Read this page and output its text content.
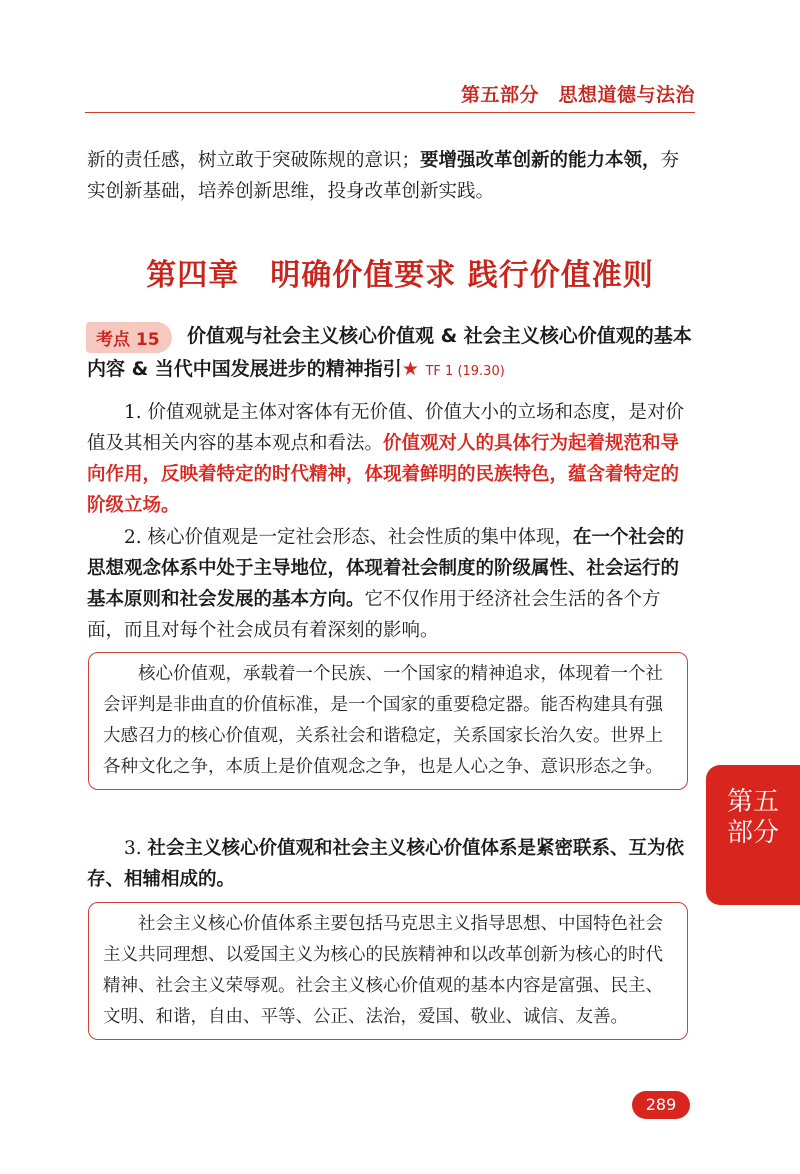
第五部分　思想道德与法治

新的责任感，树立敢于突破陈规的意识；要增强改革创新的能力本领，夯实创新基础，培养创新思维，投身改革创新实践。

第四章　明确价值要求 践行价值准则
价值观与社会主义核心价值观 & 社会主义核心价值观的基本内容 & 当代中国发展进步的精神指引★ TF 1 (19.30)
考点 15

1. 价值观就是主体对客体有无价值、价值大小的立场和态度，是对价值及其相关内容的基本观点和看法。价值观对人的具体行为起着规范和导向作用，反映着特定的时代精神，体现着鲜明的民族特色，蕴含着特定的阶级立场。

2. 核心价值观是一定社会形态、社会性质的集中体现，在一个社会的思想观念体系中处于主导地位，体现着社会制度的阶级属性、社会运行的基本原则和社会发展的基本方向。它不仅作用于经济社会生活的各个方面，而且对每个社会成员有着深刻的影响。

核心价值观，承载着一个民族、一个国家的精神追求，体现着一个社会评判是非曲直的价值标准，是一个国家的重要稳定器。能否构建具有强大感召力的核心价值观，关系社会和谐稳定，关系国家长治久安。世界上各种文化之争，本质上是价值观念之争，也是人心之争、意识形态之争。

3. 社会主义核心价值观和社会主义核心价值体系是紧密联系、互为依存、相辅相成的。

社会主义核心价值体系主要包括马克思主义指导思想、中国特色社会主义共同理想、以爱国主义为核心的民族精神和以改革创新为核心的时代精神、社会主义荣辱观。社会主义核心价值观的基本内容是富强、民主、文明、和谐，自由、平等、公正、法治，爱国、敬业、诚信、友善。

第五
部分
289
